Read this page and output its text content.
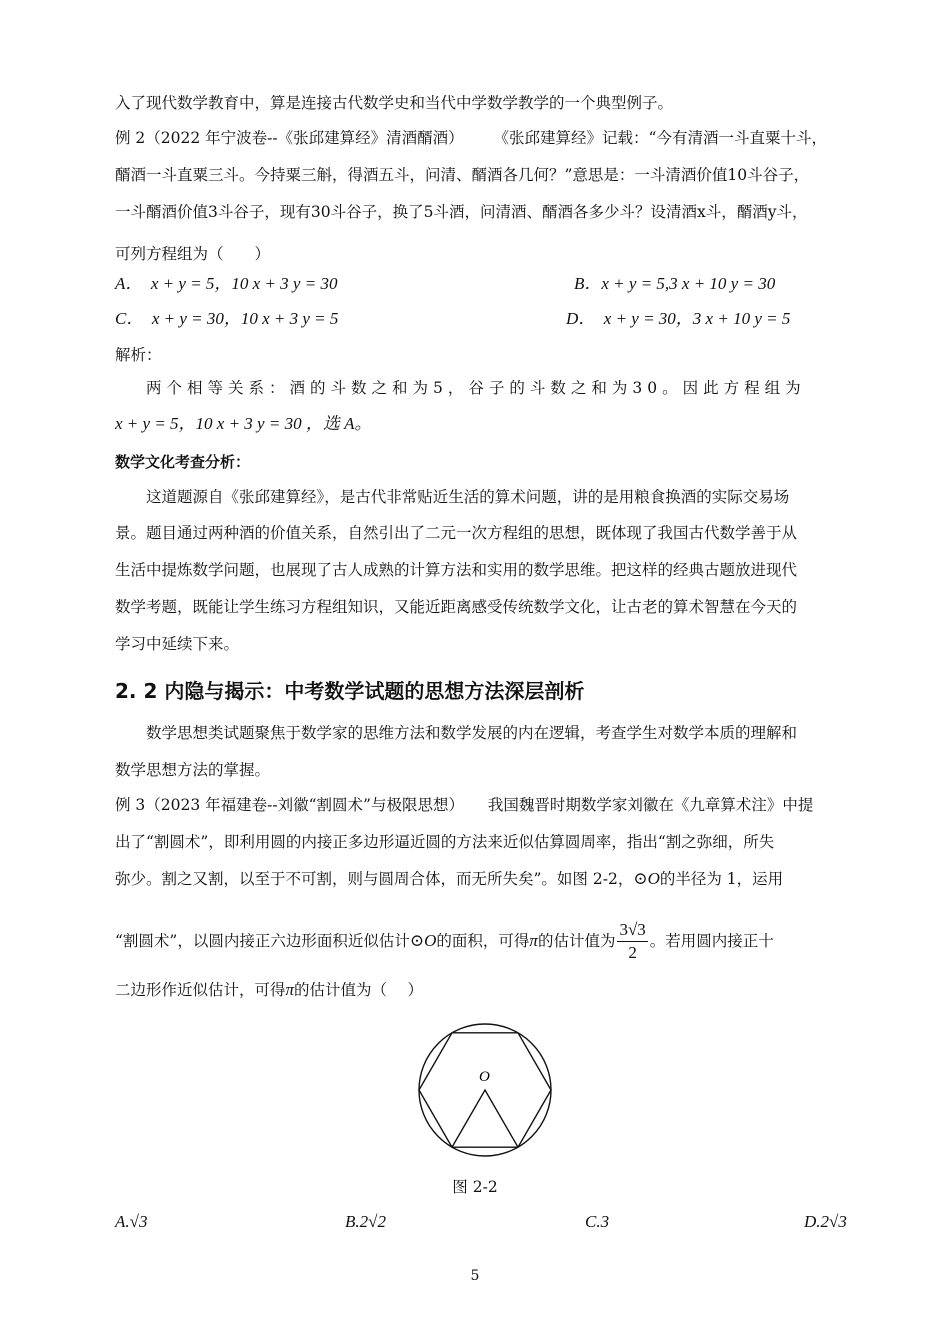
入了现代数学教育中，算是连接古代数学史和当代中学数学教学的一个典型例子。
例 2（2022 年宁波卷--《张邱建算经》清酒醑酒） 《张邱建算经》记载：“今有清酒一斗直粟十斗，
醑酒一斗直粟三斗。今持粟三斛，得酒五斗，问清、醑酒各几何？”意思是：一斗清酒价值10斗谷子，
一斗醑酒价值3斗谷子，现有30斗谷子，换了5斗酒，问清酒、醑酒各多少斗？设清酒x斗，醑酒y斗，
可列方程组为（　　）
A．　x + y = 5，10 x + 3 y = 30	B．x + y = 5,3 x + 10 y = 30
C．　x + y = 30，10 x + 3 y = 5	D．　x + y = 30，3 x + 10 y = 5
解析：
两个相等关系：酒的斗数之和为5，谷子的斗数之和为30。因此方程组为
x + y = 5，10 x + 3 y = 30 ，选 A。
数学文化考查分析：
这道题源自《张邱建算经》，是古代非常贴近生活的算术问题，讲的是用粮食换酒的实际交易场
景。题目通过两种酒的价值关系，自然引出了二元一次方程组的思想，既体现了我国古代数学善于从
生活中提炼数学问题，也展现了古人成熟的计算方法和实用的数学思维。把这样的经典古题放进现代
数学考题，既能让学生练习方程组知识，又能近距离感受传统数学文化，让古老的算术智慧在今天的
学习中延续下来。
2. 2 内隐与揭示：中考数学试题的思想方法深层剖析
数学思想类试题聚焦于数学家的思维方法和数学发展的内在逻辑，考查学生对数学本质的理解和
数学思想方法的掌握。
例 3（2023 年福建卷--刘徽“割圆术”与极限思想） 我国魏晋时期数学家刘徽在《九章算术注》中提
出了“割圆术”，即利用圆的内接正多边形逼近圆的方法来近似估算圆周率，指出“割之弥细，所失
弥少。割之又割，以至于不可割，则与圆周合体，而无所失矣”。如图 2-2，⊙O的半径为 1，运用
“割圆术”，以圆内接正六边形面积近似估计 ⊙O 的面积，可得 π 的估计值为 $\frac{3√3}{2}$ 。若用圆内接正十
二边形作近似估计，可得π的估计值为（　 ）
O
图 2-2
A.√3	B.2√2	C.3	D.2√3
5
